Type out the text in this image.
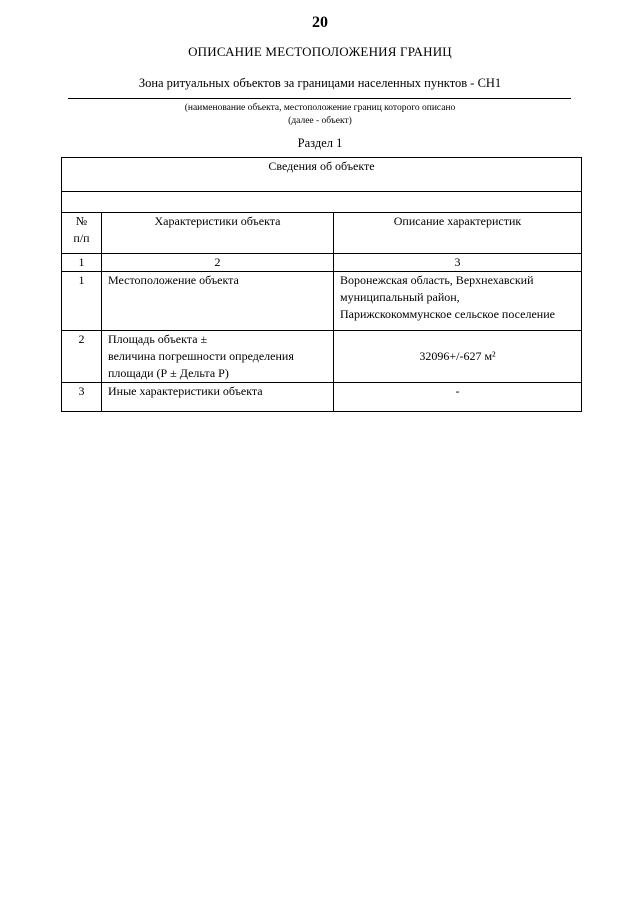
20
ОПИСАНИЕ МЕСТОПОЛОЖЕНИЯ ГРАНИЦ
Зона ритуальных объектов за границами населенных пунктов - СН1
(наименование объекта, местоположение границ которого описано
(далее - объект)
Раздел 1
Сведения об объекте		

№
п/п	Характеристики объекта	Описание характеристик
1	2	3
1	Местоположение объекта	Воронежская область, Верхнехавский
муниципальный район,
Парижскокоммунское сельское поселение

2	Площадь объекта ±
величина погрешности определения
площади (Р ± Дельта Р)	32096+/-627 м²
3	Иные характеристики объекта	-
